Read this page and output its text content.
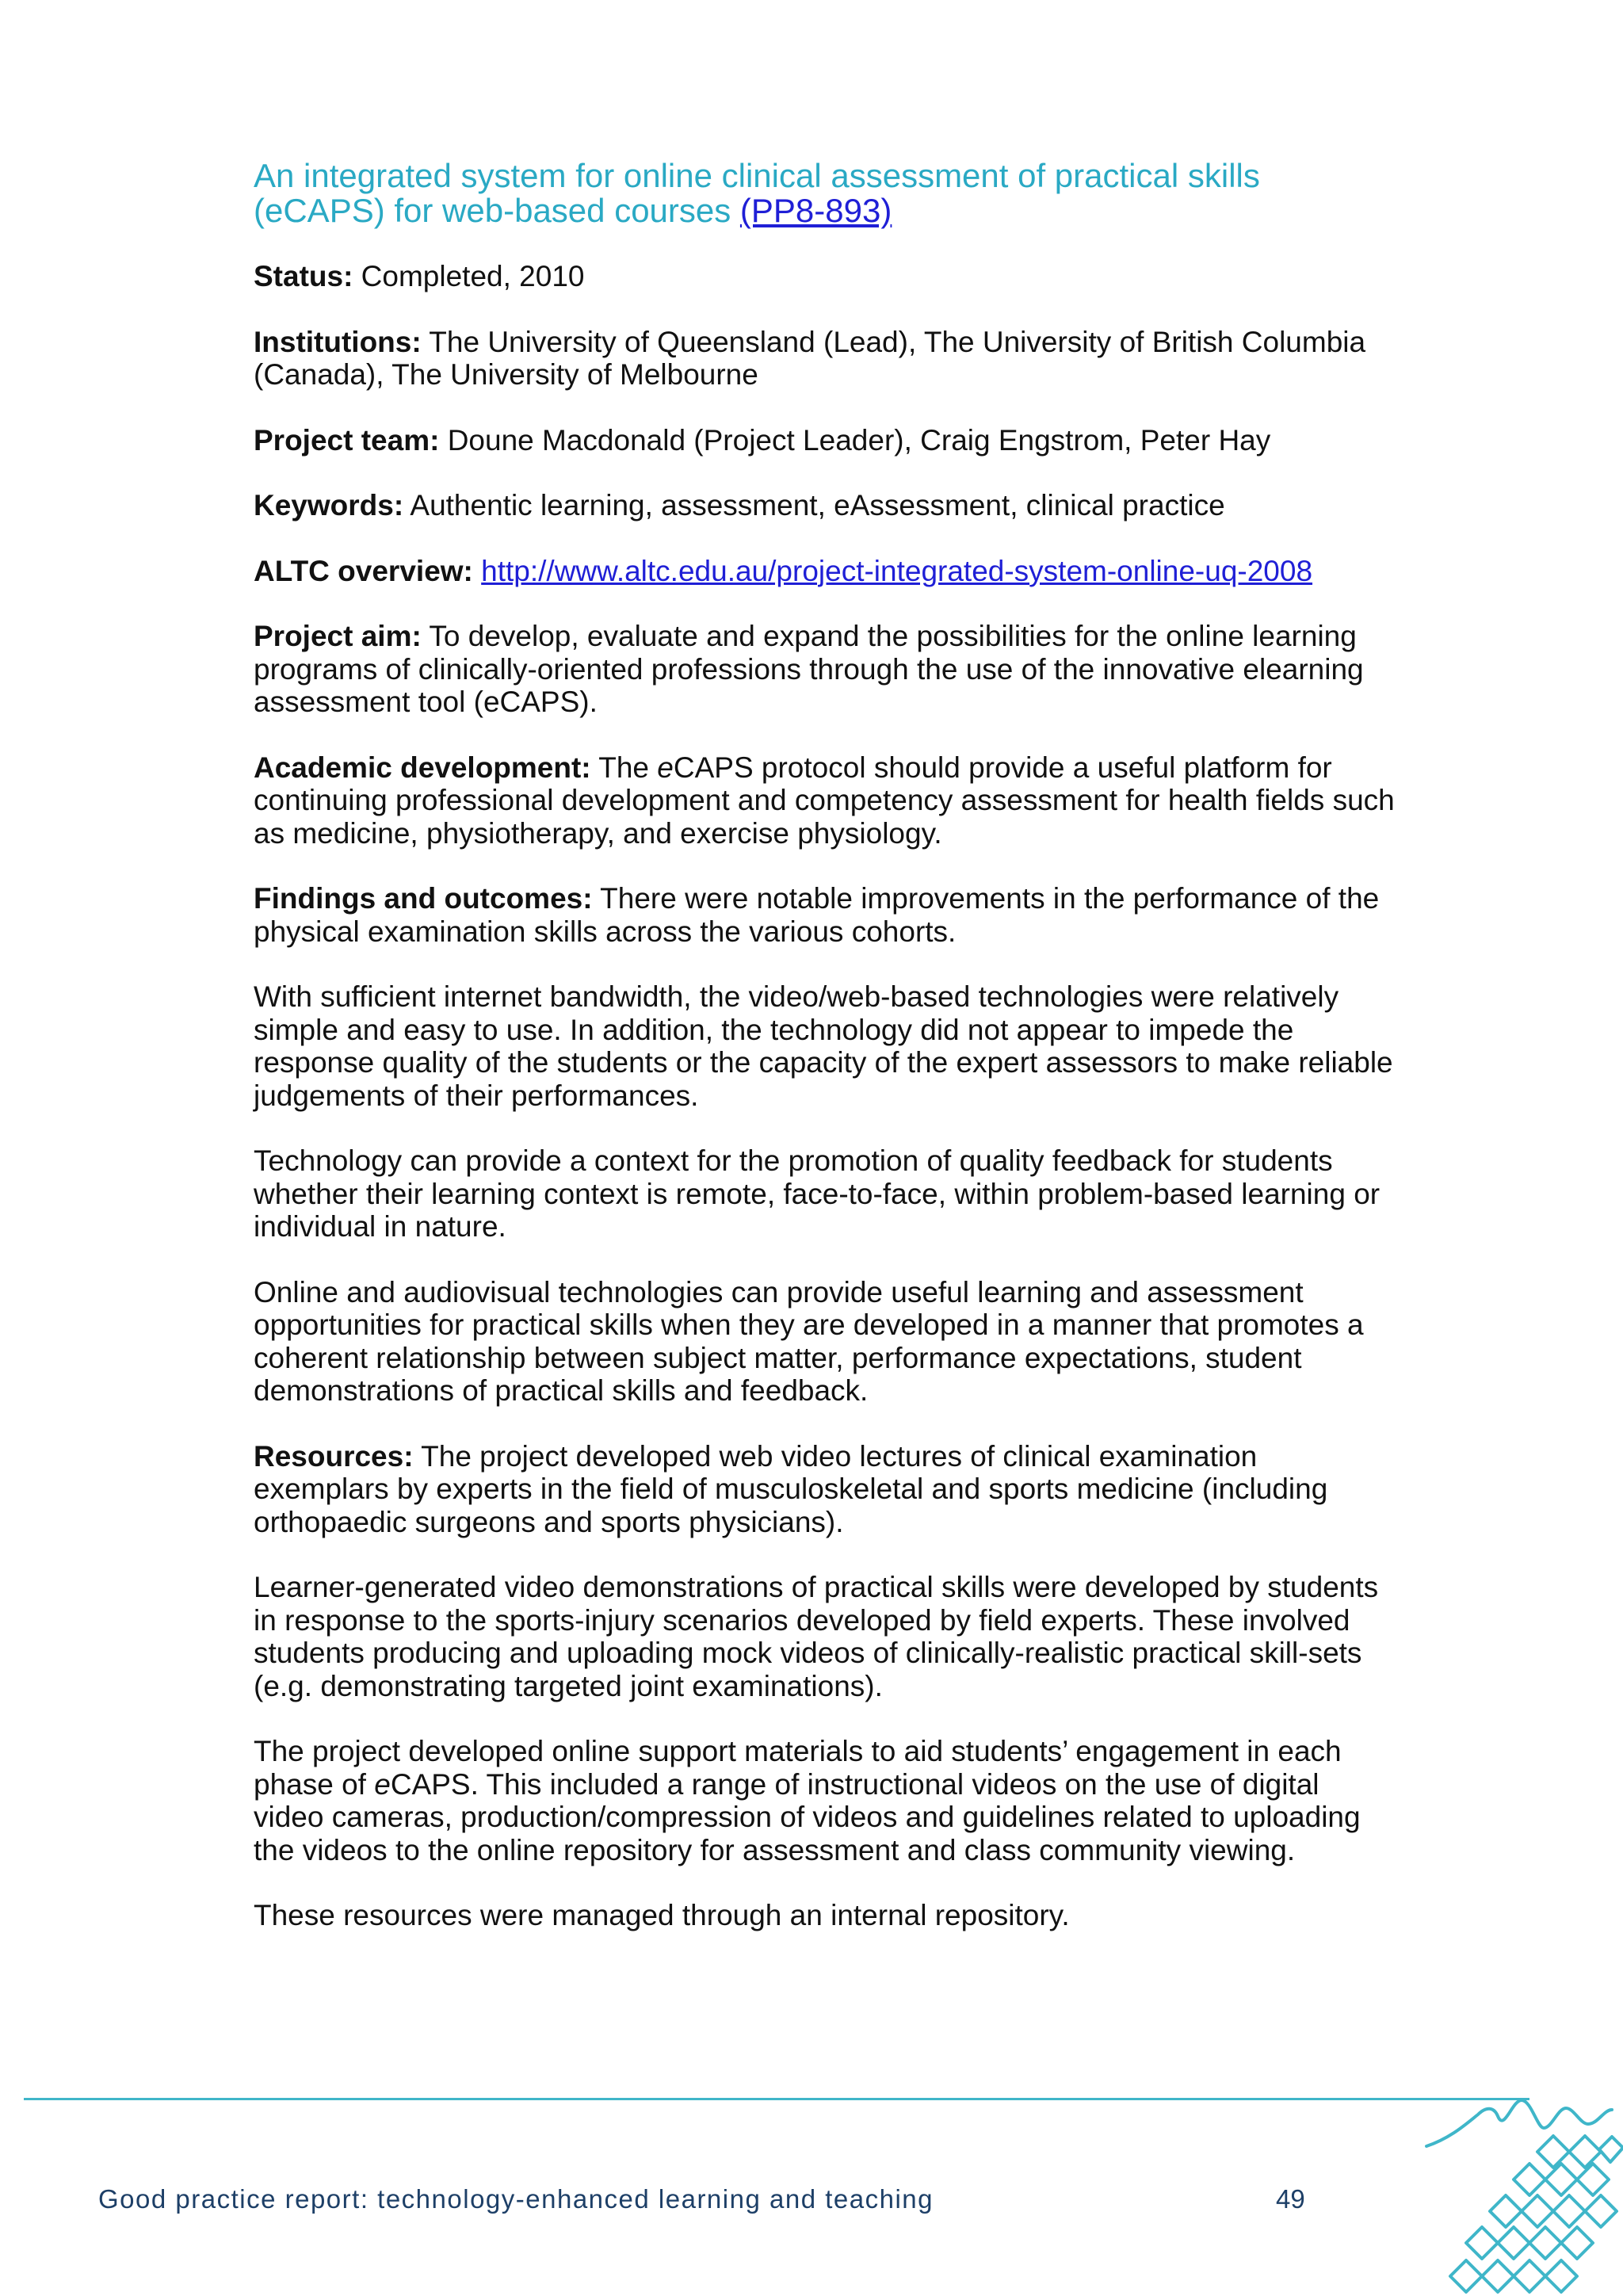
An integrated system for online clinical assessment of practical skills
(eCAPS) for web-based courses (PP8-893)

Status: Completed, 2010

Institutions: The University of Queensland (Lead), The University of British Columbia (Canada), The University of Melbourne

Project team: Doune Macdonald (Project Leader), Craig Engstrom, Peter Hay

Keywords: Authentic learning, assessment, eAssessment, clinical practice

ALTC overview: http://www.altc.edu.au/project-integrated-system-online-uq-2008

Project aim: To develop, evaluate and expand the possibilities for the online learning programs of clinically-oriented professions through the use of the innovative elearning assessment tool (eCAPS).

Academic development: The eCAPS protocol should provide a useful platform for continuing professional development and competency assessment for health fields such as medicine, physiotherapy, and exercise physiology.

Findings and outcomes: There were notable improvements in the performance of the physical examination skills across the various cohorts.

With sufficient internet bandwidth, the video/web-based technologies were relatively simple and easy to use. In addition, the technology did not appear to impede the response quality of the students or the capacity of the expert assessors to make reliable judgements of their performances.

Technology can provide a context for the promotion of quality feedback for students whether their learning context is remote, face-to-face, within problem-based learning or individual in nature.

Online and audiovisual technologies can provide useful learning and assessment opportunities for practical skills when they are developed in a manner that promotes a coherent relationship between subject matter, performance expectations, student demonstrations of practical skills and feedback.

Resources: The project developed web video lectures of clinical examination exemplars by experts in the field of musculoskeletal and sports medicine (including orthopaedic surgeons and sports physicians).

Learner-generated video demonstrations of practical skills were developed by students in response to the sports-injury scenarios developed by field experts. These involved students producing and uploading mock videos of clinically-realistic practical skill-sets (e.g. demonstrating targeted joint examinations).

The project developed online support materials to aid students’ engagement in each phase of eCAPS. This included a range of instructional videos on the use of digital video cameras, production/compression of videos and guidelines related to uploading the videos to the online repository for assessment and class community viewing.

These resources were managed through an internal repository.

Good practice report: technology-enhanced learning and teaching	49
